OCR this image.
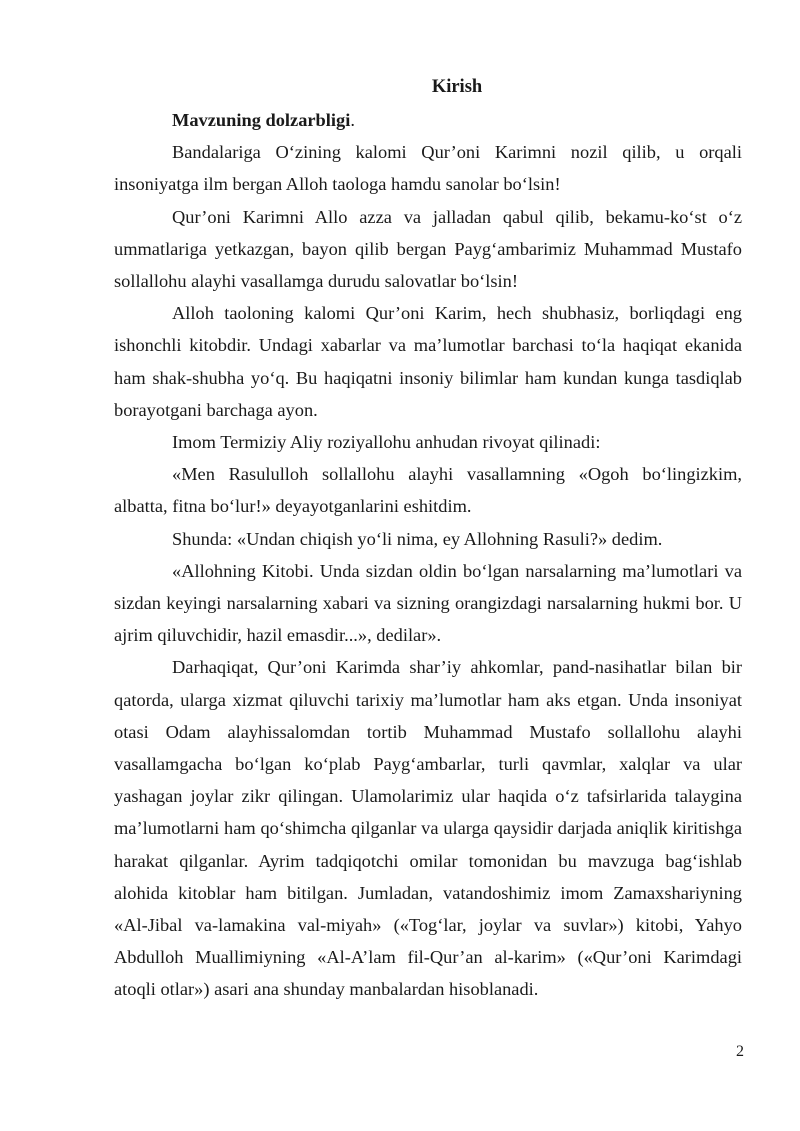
Kirish

Mavzuning dolzarbligi.

Bandalariga O‘zining kalomi Qur’oni Karimni nozil qilib, u orqali insoniyatga ilm bergan Alloh taologa hamdu sanolar bo‘lsin!

Qur’oni Karimni Allo azza va jalladan qabul qilib, bekamu-ko‘st o‘z ummatlariga yetkazgan, bayon qilib bergan Payg‘ambarimiz Muhammad Mustafo sollallohu alayhi vasallamga durudu salovatlar bo‘lsin!

Alloh taoloning kalomi Qur’oni Karim, hech shubhasiz, borliqdagi eng ishonchli kitobdir. Undagi xabarlar va ma’lumotlar barchasi to‘la haqiqat ekanida ham shak-shubha yo‘q. Bu haqiqatni insoniy bilimlar ham kundan kunga tasdiqlab borayotgani barchaga ayon.

Imom Termiziy Aliy roziyallohu anhudan rivoyat qilinadi:

«Men Rasululloh sollallohu alayhi vasallamning «Ogoh bo‘lingizkim, albatta, fitna bo‘lur!» deyayotganlarini eshitdim.

Shunda: «Undan chiqish yo‘li nima, ey Allohning Rasuli?» dedim.

«Allohning Kitobi. Unda sizdan oldin bo‘lgan narsalarning ma’lumotlari va sizdan keyingi narsalarning xabari va sizning orangizdagi narsalarning hukmi bor. U ajrim qiluvchidir, hazil emasdir...», dedilar».

Darhaqiqat, Qur’oni Karimda shar’iy ahkomlar, pand-nasihatlar bilan bir qatorda, ularga xizmat qiluvchi tarixiy ma’lumotlar ham aks etgan. Unda insoniyat otasi Odam alayhissalomdan tortib Muhammad Mustafo sollallohu alayhi vasallamgacha bo‘lgan ko‘plab Payg‘ambarlar, turli qavmlar, xalqlar va ular yashagan joylar zikr qilingan. Ulamolarimiz ular haqida o‘z tafsirlarida talaygina ma’lumotlarni ham qo‘shimcha qilganlar va ularga qaysidir darjada aniqlik kiritishga harakat qilganlar. Ayrim tadqiqotchi omilar tomonidan bu mavzuga bag‘ishlab alohida kitoblar ham bitilgan. Jumladan, vatandoshimiz imom Zamaxshariyning «Al-Jibal va-lamakina val-miyah» («Tog‘lar, joylar va suvlar») kitobi, Yahyo Abdulloh Muallimiyning «Al-A’lam fil-Qur’an al-karim» («Qur’oni Karimdagi atoqli otlar») asari ana shunday manbalardan hisoblanadi.

2
